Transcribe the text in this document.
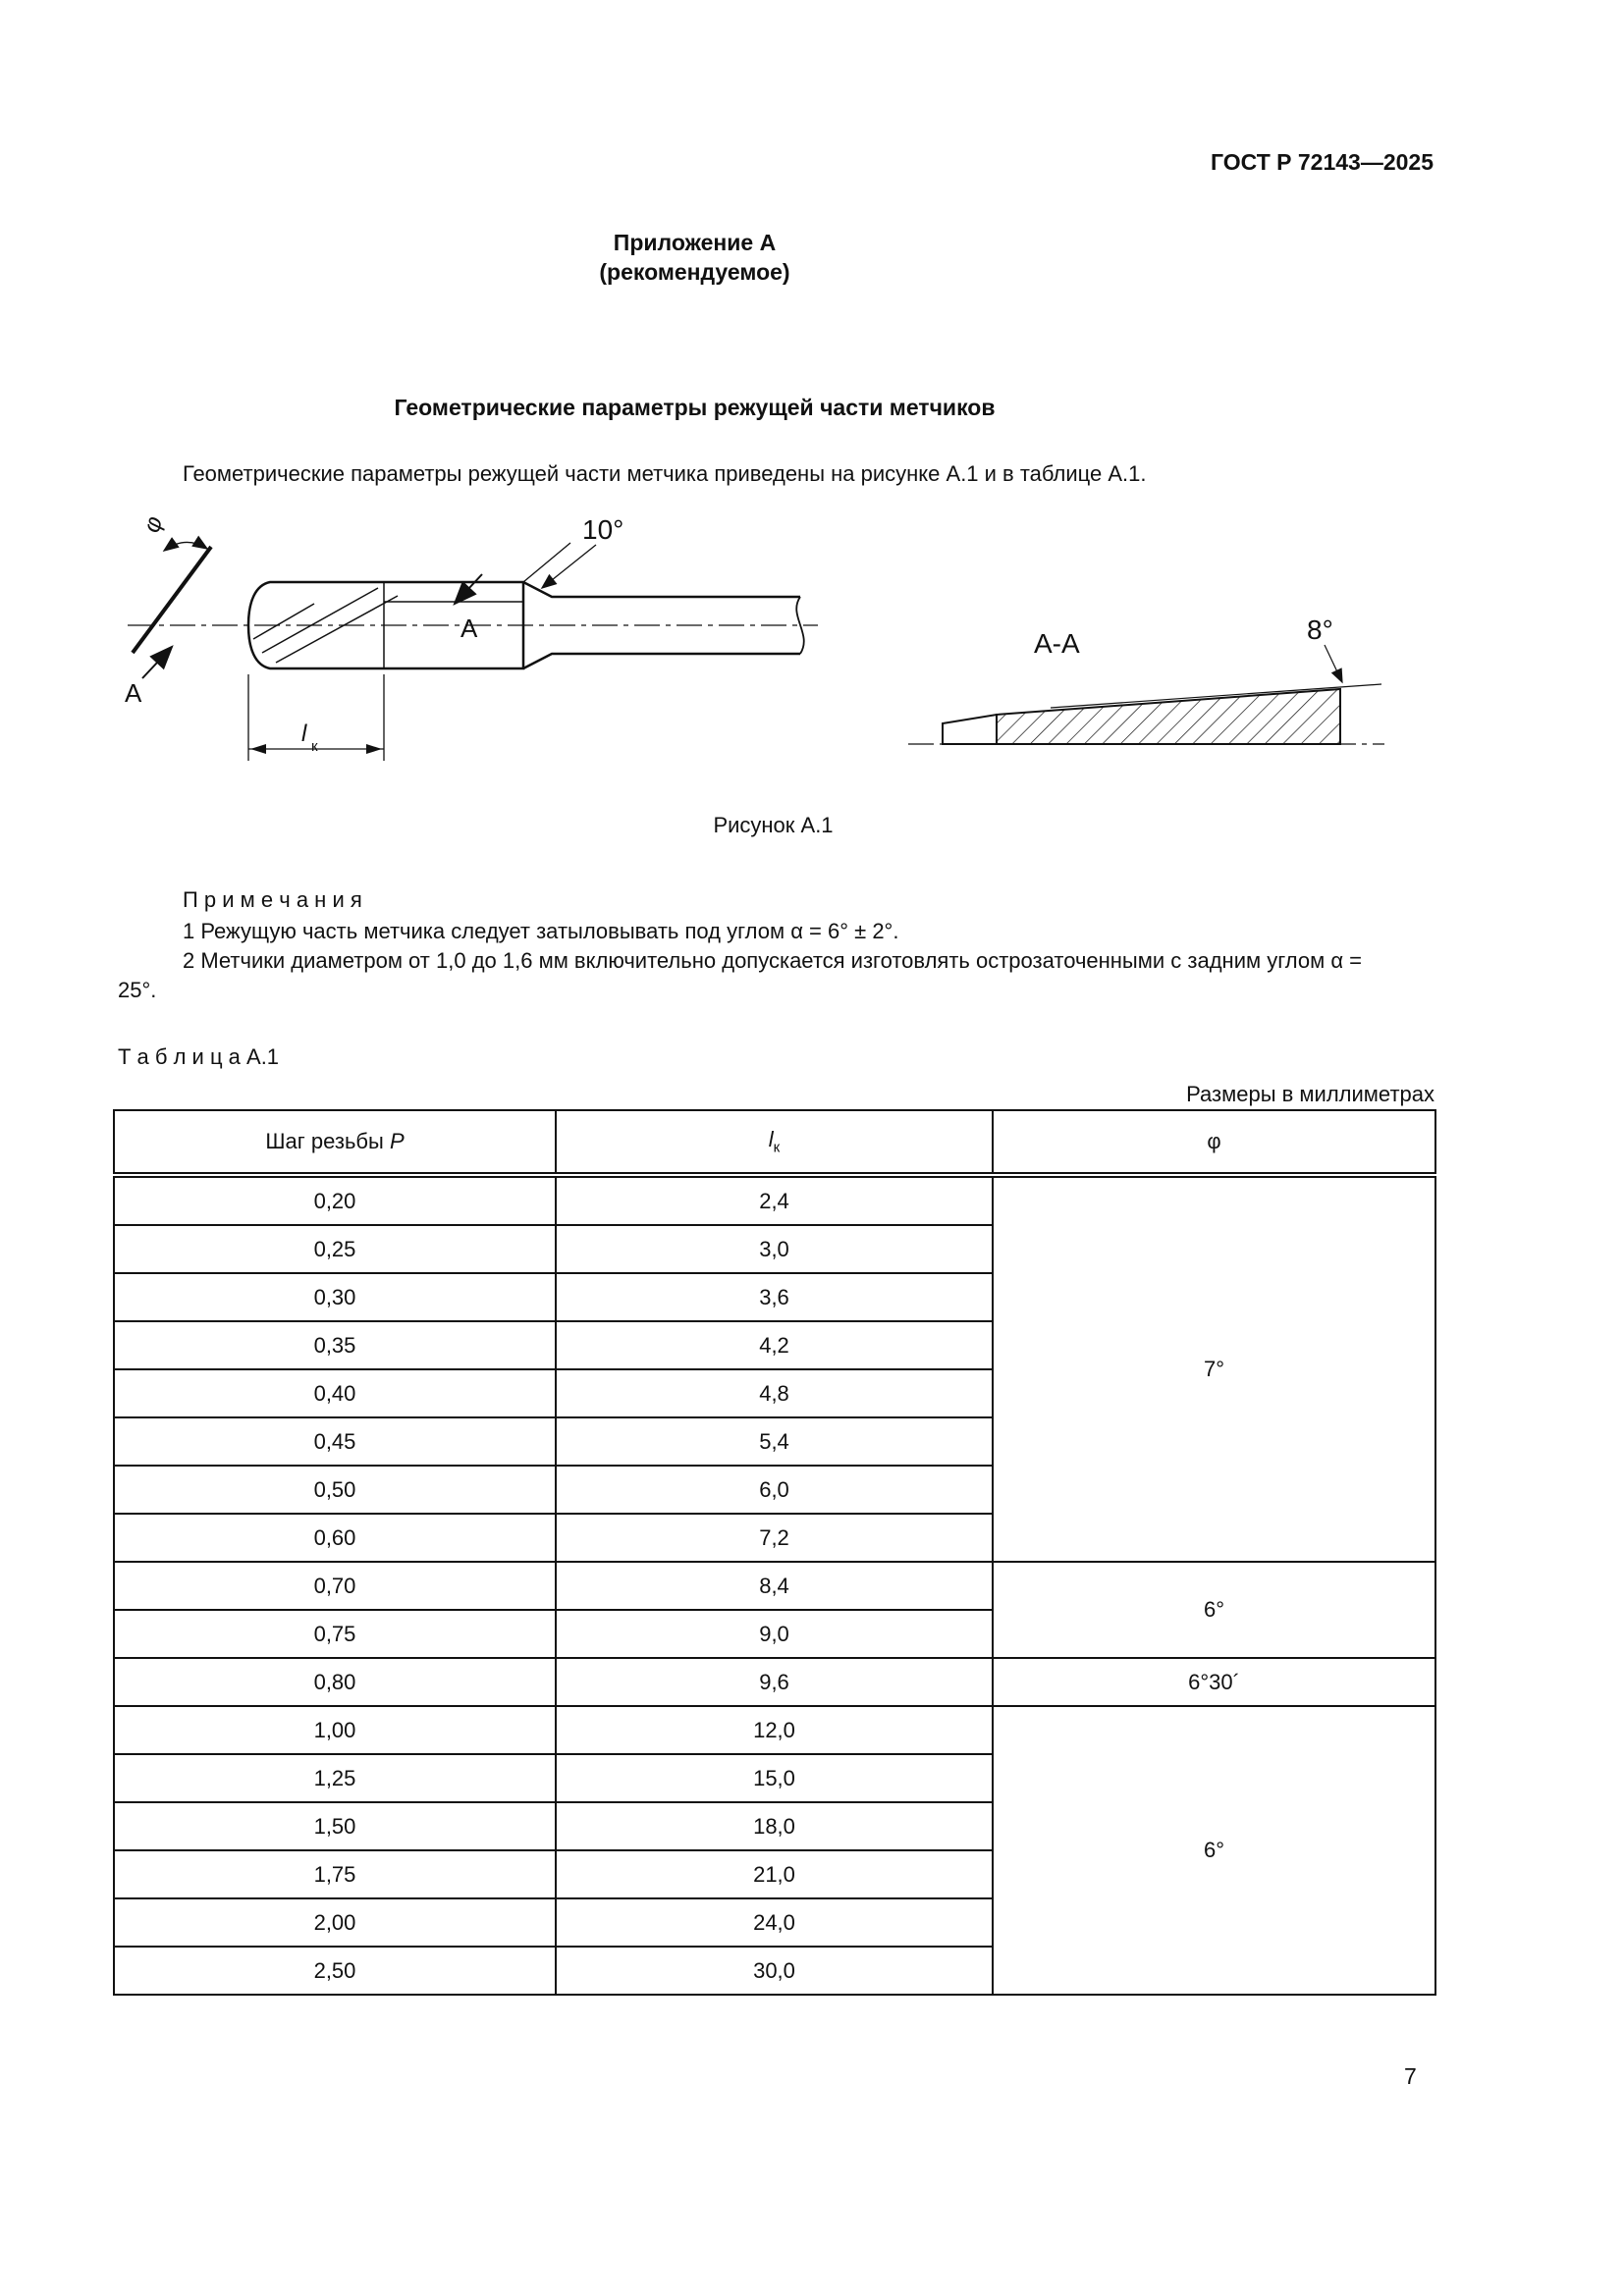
ГОСТ Р 72143—2025
Приложение А
(рекомендуемое)
Геометрические параметры режущей части метчиков
Геометрические параметры режущей части метчика приведены на рисунке А.1 и в таблице А.1.
φ	10°
А
А
l к
А-А	8°
Рисунок А.1
П р и м е ч а н и я
1 Режущую часть метчика следует затыловывать под углом α = 6° ± 2°.
2 Метчики диаметром от 1,0 до 1,6 мм включительно допускается изготовлять острозаточенными с задним углом α = 25°.
Т а б л и ц а А.1
Размеры в миллиметрах
Шаг резьбы Р	$l_к$	φ
0,20	2,4	7°
0,25	3,0	
0,30	3,6	
0,35	4,2	
0,40	4,8	
0,45	5,4	
0,50	6,0	
0,60	7,2	
0,70	8,4	6°
0,75	9,0	
0,80	9,6	6°30´
1,00	12,0	6°
1,25	15,0	
1,50	18,0	
1,75	21,0	
2,00	24,0	
2,50	30,0	
7
